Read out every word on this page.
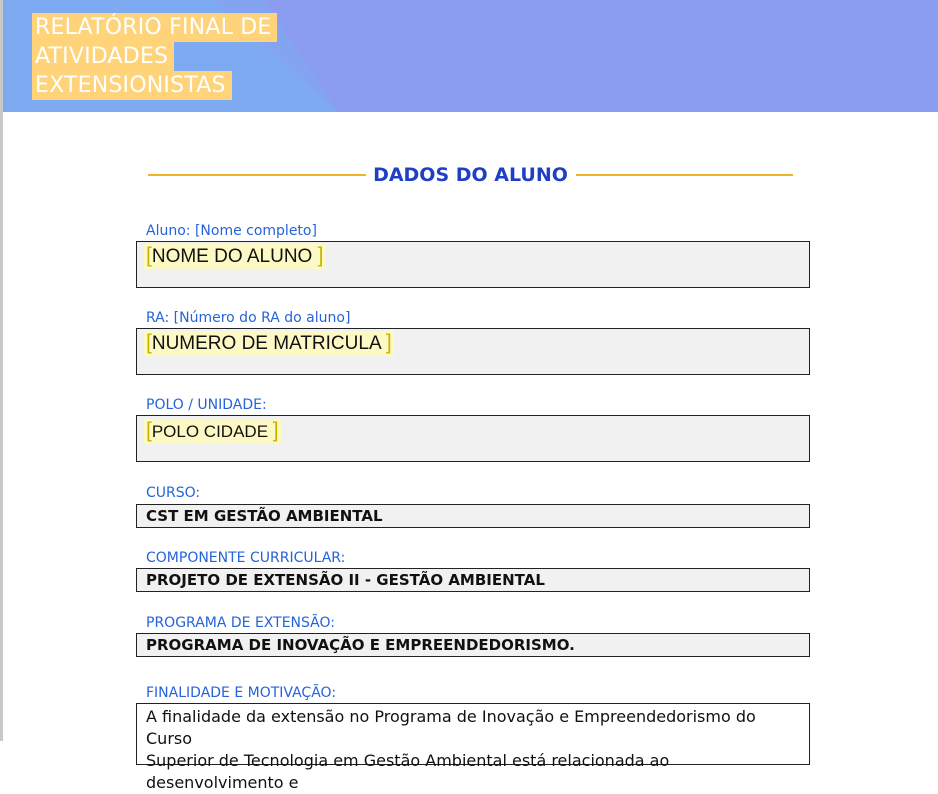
RELATÓRIO FINAL DE
ATIVIDADES
EXTENSIONISTAS
DADOS DO ALUNO
Aluno: [Nome completo]
[NOME DO ALUNO ]
RA: [Número do RA do aluno]
[NUMERO DE MATRICULA ]
POLO / UNIDADE:
[POLO CIDADE ]
CURSO:
CST EM GESTÃO AMBIENTAL
COMPONENTE CURRICULAR:
PROJETO DE EXTENSÃO II - GESTÃO AMBIENTAL
PROGRAMA DE EXTENSÃO:
PROGRAMA DE INOVAÇÃO E EMPREENDEDORISMO.
FINALIDADE E MOTIVAÇÃO:
A finalidade da extensão no Programa de Inovação e Empreendedorismo do Curso
Superior de Tecnologia em Gestão Ambiental está relacionada ao desenvolvimento e
